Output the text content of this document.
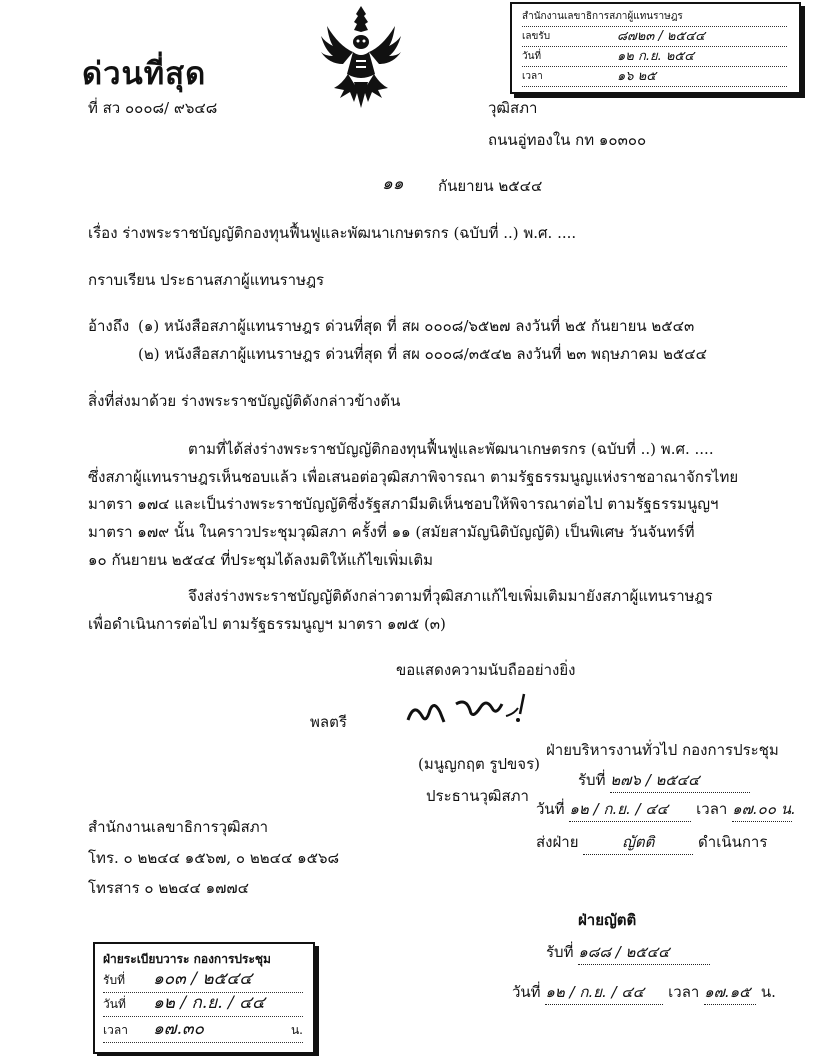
ด่วนที่สุด
ที่ สว ๐๐๐๘/ ๙๖๔๘
สำนักงานเลขาธิการสภาผู้แทนราษฎร
เลขรับ	๘๗๒๓ / ๒๕๔๔
วันที่	๑๒ ก.ย. ๒๕๔
เวลา	๑๖ ๒๕
วุฒิสภา
ถนนอู่ทองใน กท ๑๐๓๐๐
๑๑ กันยายน ๒๕๔๔
เรื่อง ร่างพระราชบัญญัติกองทุนฟื้นฟูและพัฒนาเกษตรกร (ฉบับที่ ..) พ.ศ. ....
กราบเรียน ประธานสภาผู้แทนราษฎร
อ้างถึง (๑) หนังสือสภาผู้แทนราษฎร ด่วนที่สุด ที่ สผ ๐๐๐๘/๖๕๒๗ ลงวันที่ ๒๕ กันยายน ๒๕๔๓
(๒) หนังสือสภาผู้แทนราษฎร ด่วนที่สุด ที่ สผ ๐๐๐๘/๓๕๔๒ ลงวันที่ ๒๓ พฤษภาคม ๒๕๔๔
สิ่งที่ส่งมาด้วย ร่างพระราชบัญญัติดังกล่าวข้างต้น
ตามที่ได้ส่งร่างพระราชบัญญัติกองทุนฟื้นฟูและพัฒนาเกษตรกร (ฉบับที่ ..) พ.ศ. ....
ซึ่งสภาผู้แทนราษฎรเห็นชอบแล้ว เพื่อเสนอต่อวุฒิสภาพิจารณา ตามรัฐธรรมนูญแห่งราชอาณาจักรไทย
มาตรา ๑๗๔ และเป็นร่างพระราชบัญญัติซึ่งรัฐสภามีมติเห็นชอบให้พิจารณาต่อไป ตามรัฐธรรมนูญฯ
มาตรา ๑๗๙ นั้น ในคราวประชุมวุฒิสภา ครั้งที่ ๑๑ (สมัยสามัญนิติบัญญัติ) เป็นพิเศษ วันจันทร์ที่
๑๐ กันยายน ๒๕๔๔ ที่ประชุมได้ลงมติให้แก้ไขเพิ่มเติม
จึงส่งร่างพระราชบัญญัติดังกล่าวตามที่วุฒิสภาแก้ไขเพิ่มเติมมายังสภาผู้แทนราษฎร
เพื่อดำเนินการต่อไป ตามรัฐธรรมนูญฯ มาตรา ๑๗๕ (๓)
ขอแสดงความนับถืออย่างยิ่ง
พลตรี
(มนูญกฤต รูปขจร)
ประธานวุฒิสภา
ฝ่ายบริหารงานทั่วไป กองการประชุม
รับที่ ๒๗๖ / ๒๕๔๔
วันที่ ๑๒ / ก.ย. / ๔๔ เวลา ๑๗.๐๐ น.
ส่งฝ่าย	ญัตติ	ดำเนินการ
สำนักงานเลขาธิการวุฒิสภา
โทร. ๐ ๒๒๔๔ ๑๕๖๗, ๐ ๒๒๔๔ ๑๕๖๘
โทรสาร ๐ ๒๒๔๔ ๑๗๗๔
ฝ่ายญัตติ
รับที่ ๑๘๘ / ๒๕๔๔
วันที่ ๑๒ / ก.ย. / ๔๔ เวลา ๑๗.๑๕ น.
ฝ่ายระเบียบวาระ กองการประชุม
รับที่ ๑๐๓ / ๒๕๔๔
วันที่ ๑๒ / ก.ย. / ๔๔
เวลา ๑๗.๓๐	น.
